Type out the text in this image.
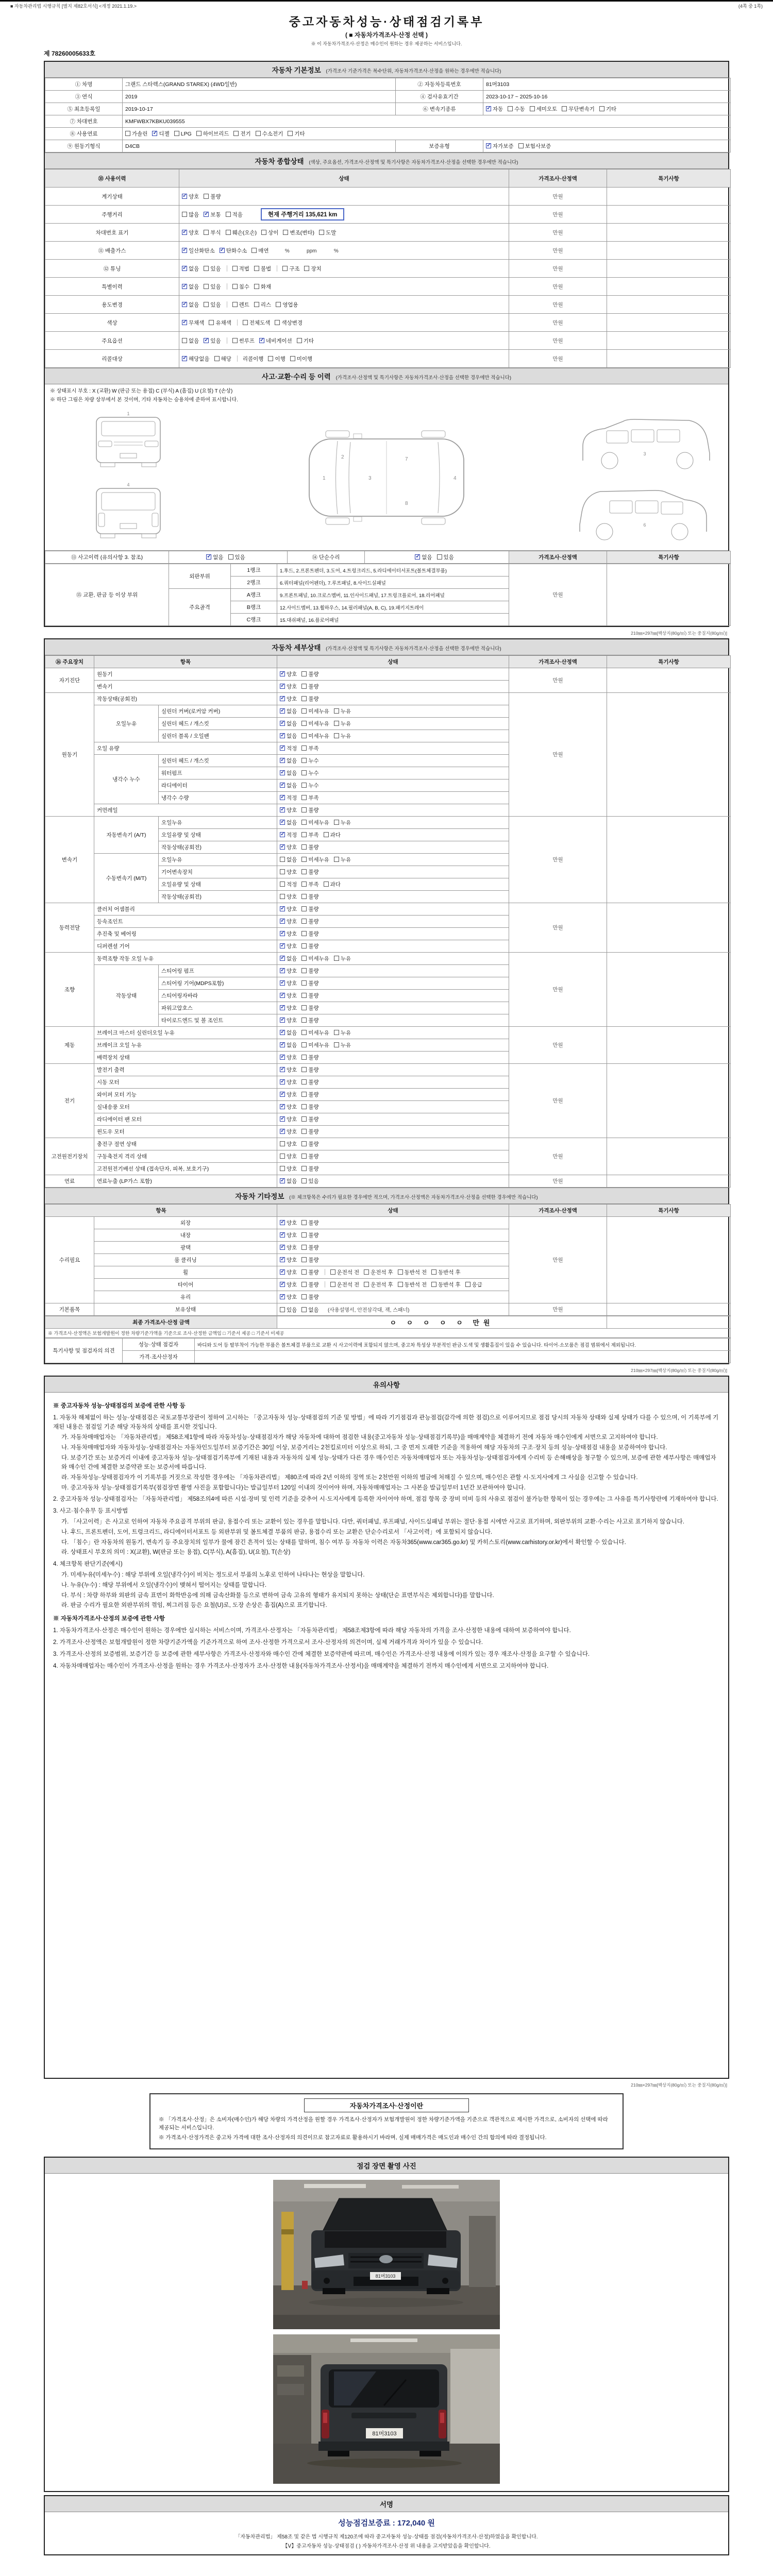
■ 자동차관리법 시행규칙 [별지 제82호서식] <개정 2021.1.19.>	(4쪽 중 1쪽)
중고자동차성능·상태점검기록부
( ■ 자동차가격조사·산정 선택 )
※ 이 자동차가격조사·산정은 매수인이 원하는 경우 제공하는 서비스입니다.
제 78260005633호
자동차 기본정보 (가격조사 기준가격은 복수단위, 자동차가격조사·산정을 원하는 경우에만 적습니다)
① 차명	그랜드 스타렉스(GRAND STAREX) (4WD일반)	② 자동차등록번호	81머3103
③ 연식	2019	④ 검사유효기간	2023-10-17 ~ 2025-10-16
⑤ 최초등록일	2019-10-17	⑥ 변속기종류	✓자동 수동 세미오토 무단변속기 기타
⑦ 차대번호	KMFWBX7KBKU039555		
⑧ 사용연료	가솔린 ✓ 디젤 LPG 하이브리드 전기 수소전기 기타
⑨ 원동기형식	D4CB	보증유형	✓자가보증 보험사보증
자동차 종합상태 (색상, 주요옵션, 가격조사·산정액 및 특기사항은 자동차가격조사·산정을 선택한 경우에만 적습니다)
⑩ 사용이력	상태	가격조사·산정액	특기사항
계기상태	✓양호 불량	만원	
주행거리	많음 ✓ 보통 적음 현재 주행거리 135,621 km	만원	
차대번호 표기	✓양호 부식 훼손(오손) 상이 변조(변타) 도말	만원	
⑪ 배출가스	✓일산화탄소 ✓ 탄화수소 매연        %            ppm            %	만원	
⑫ 튜닝	✓없음 있음 적법 불법 구조 장치	만원	
특별이력	✓없음 있음 침수 화재	만원	
용도변경	✓없음 있음 렌트 리스 영업용	만원	
색상	✓무채색 유채색 전체도색 색상변경	만원	
주요옵션	없음 ✓ 있음 썬루프 ✓ 네비게이션 기타	만원	
리콜대상	✓해당없음 해당 리콜이행 이행 미이행	만원	
사고·교환·수리 등 이력 (가격조사·산정액 및 특기사항은 자동차가격조사·산정을 선택한 경우에만 적습니다)
※ 상태표시 부호 : X (교환) W (판금 또는 용접) C (부식) A (흠집) U (요철) T (손상)
※ 하단 그림은 차량 상부에서 본 것이며, 기타 자동차는 승용차에 준하여 표시합니다.
1
4
1
2
3	4
7
8
3
6
⑬ 사고이력 (유의사항 3. 참조)	✓없음 있음	⑭ 단순수리	✓없음 있음	가격조사·산정액	특기사항
⑮ 교환, 판금 등 이상 부위	외판부위	1랭크	1.후드, 2.프론트펜더, 3.도어, 4.트렁크리드, 5.라디에이터서포트(볼트체결부품)	만원	
		2랭크	6.쿼터패널(리어펜더), 7.루프패널, 8.사이드실패널		
	주요골격	A랭크	9.프론트패널, 10.크로스멤버, 11.인사이드패널, 17.트렁크플로어, 18.리어패널		
		B랭크	12.사이드멤버, 13.휠하우스, 14.필러패널(A, B, C), 19.패키지트레이		
		C랭크	15.대쉬패널, 16.플로어패널		
210㎜×297㎜[백상지(80g/㎡) 또는 중질지(80g/㎡)]
자동차 세부상태 (가격조사·산정액 및 특기사항은 자동차가격조사·산정을 선택한 경우에만 적습니다)
⑯ 주요장치	항목		상태	가격조사·산정액	특기사항
자기진단	원동기	✓양호 불량	만원	
	변속기	✓양호 불량
원동기	작동상태(공회전)	✓양호 불량	만원	
	오일누유	실린더 커버(로커암 커버)	✓없음 미세누유 누유
		실린더 헤드 / 개스킷	✓없음 미세누유 누유
		실린더 블록 / 오일팬	✓없음 미세누유 누유
	오일 유량	✓적정 부족
	냉각수 누수	실린더 헤드 / 개스킷	✓없음 누수
		워터펌프	✓없음 누수
		라디에이터	✓없음 누수
		냉각수 수량	✓적정 부족
	커먼레일	✓양호 불량
변속기	자동변속기 (A/T)	오일누유	✓없음 미세누유 누유	만원	
		오일유량 및 상태	✓적정 부족 과다
		작동상태(공회전)	✓양호 불량
	수동변속기 (M/T)	오일누유	없음 미세누유 누유		
		기어변속장치	양호 불량		
		오일유량 및 상태	적정 부족 과다		
		작동상태(공회전)	양호 불량		
동력전달	클러치 어셈블리	✓양호 불량	만원	
	등속조인트	✓양호 불량
	추진축 및 베어링	✓양호 불량
	디퍼렌셜 기어	✓양호 불량
조향	동력조향 작동 오일 누유	✓없음 미세누유 누유	만원	
	작동상태	스티어링 펌프	✓양호 불량
		스티어링 기어(MDPS포함)	✓양호 불량
		스티어링자바라	✓양호 불량
		파워고압호스	✓양호 불량
		타이로드엔드 및 볼 조인트	✓양호 불량
제동	브레이크 마스터 실린더오일 누유	✓없음 미세누유 누유	만원	
	브레이크 오일 누유	✓없음 미세누유 누유
	배력장치 상태	✓양호 불량
전기	발전기 출력	✓양호 불량	만원	
	시동 모터	✓양호 불량
	와이퍼 모터 기능	✓양호 불량
	실내송풍 모터	✓양호 불량
	라디에이터 팬 모터	✓양호 불량
	윈도우 모터	✓양호 불량
고전원전기장치	충전구 절연 상태		양호 불량	만원	
	구동축전지 격리 상태		양호 불량		
	고전원전기배선 상태 (접속단자, 피복, 보호기구)		양호 불량		
연료	연료누출 (LP가스 포함)	✓없음 있음	만원	
자동차 기타정보 (※ 체크항목은 수리가 필요한 경우에만 적으며, 가격조사·산정액은 자동차가격조사·산정을 선택한 경우에만 적습니다)
항목		상태	가격조사·산정액	특기사항
수리필요	외장	✓양호 불량	만원	
	내장	✓양호 불량
	광택	✓양호 불량
	룸 클리닝	✓양호 불량
	휠	✓양호 불량 운전석 전 운전석 후 동반석 전 동반석 후
	타이어	✓양호 불량 운전석 전 운전석 후 동반석 전 동반석 후 응급
	유리	✓양호 불량
기본품목	보유상태	있음 없음   (사용설명서, 안전삼각대, 잭, 스패너)	만원	
최종 가격조사·산정 금액	ㅇ ㅇ ㅇ ㅇ ㅇ 만원	
※ 가격조사·산정액은 보험개발원이 정한 차량기준가액을 기준으로 조사·산정한 금액임 □ 기준서 제공 □ 기준서 미제공
특기사항 및 점검자의 의견	성능·상태 점검자	바디와 도어 등 탈부착이 가능한 부품은 볼트체결 부품으로 교환 시 사고이력에 포함되지 않으며, 중고차 특성상 부분적인 판금·도색 및 생활흠집이 있을 수 있습니다. 타이어·소모품은 점검 범위에서 제외됩니다.
	가격·조사산정자	
210㎜×297㎜[백상지(80g/㎡) 또는 중질지(80g/㎡)]
유의사항
※ 중고자동차 성능·상태점검의 보증에 관한 사항 등
1. 자동차 해체없이 하는 성능·상태점검은 국토교통부장관이 정하여 고시하는 「중고자동차 성능·상태점검의 기준 및 방법」에 따라 기기점검과 관능점검(감각에 의한 점검)으로 이루어지므로 점검 당시의 자동차 상태와 실제 상태가 다를 수 있으며, 이 기록부에 기재된 내용은 점검일 기준 해당 자동차의 상태를 표시한 것입니다.
가. 자동차매매업자는 「자동차관리법」 제58조제1항에 따라 자동차성능·상태점검자가 해당 자동차에 대하여 점검한 내용(중고자동차 성능·상태점검기록부)을 매매계약을 체결하기 전에 자동차 매수인에게 서면으로 고지하여야 합니다.
나. 자동차매매업자와 자동차성능·상태점검자는 자동차인도일부터 보증기간은 30일 이상, 보증거리는 2천킬로미터 이상으로 하되, 그 중 먼저 도래한 기준을 적용하여 해당 자동차의 구조·장치 등의 성능·상태점검 내용을 보증하여야 합니다.
다. 보증기간 또는 보증거리 이내에 중고자동차 성능·상태점검기록부에 기재된 내용과 자동차의 실제 성능·상태가 다른 경우 매수인은 자동차매매업자 또는 자동차성능·상태점검자에게 수리비 등 손해배상을 청구할 수 있으며, 보증에 관한 세부사항은 매매업자와 매수인 간에 체결한 보증약관 또는 보증서에 따릅니다.
라. 자동차성능·상태점검자가 이 기록부를 거짓으로 작성한 경우에는 「자동차관리법」 제80조에 따라 2년 이하의 징역 또는 2천만원 이하의 벌금에 처해질 수 있으며, 매수인은 관할 시·도지사에게 그 사실을 신고할 수 있습니다.
마. 중고자동차 성능·상태점검기록부(점검장면 촬영 사진을 포함합니다)는 발급일부터 120일 이내의 것이어야 하며, 자동차매매업자는 그 사본을 발급일부터 1년간 보관하여야 합니다.
2. 중고자동차 성능·상태점검자는 「자동차관리법」 제58조의4에 따른 시설·장비 및 인력 기준을 갖추어 시·도지사에게 등록한 자이어야 하며, 점검 항목 중 장비 미비 등의 사유로 점검이 불가능한 항목이 있는 경우에는 그 사유를 특기사항란에 기재하여야 합니다.
3. 사고·침수유무 등 표시방법
가. 「사고이력」은 사고로 인하여 자동차 주요골격 부위의 판금, 용접수리 또는 교환이 있는 경우를 말합니다. 다만, 쿼터패널, 루프패널, 사이드실패널 부위는 절단·용접 시에만 사고로 표기하며, 외판부위의 교환·수리는 사고로 표기하지 않습니다.
나. 후드, 프론트펜더, 도어, 트렁크리드, 라디에이터서포트 등 외판부위 및 볼트체결 부품의 판금, 용접수리 또는 교환은 단순수리로서 「사고이력」에 포함되지 않습니다.
다. 「침수」란 자동차의 원동기, 변속기 등 주요장치의 일부가 물에 잠긴 흔적이 있는 상태를 말하며, 침수 여부 등 자동차 이력은 자동차365(www.car365.go.kr) 및 카히스토리(www.carhistory.or.kr)에서 확인할 수 있습니다.
라. 상태표시 부호의 의미 : X(교환), W(판금 또는 용접), C(부식), A(흠집), U(요철), T(손상)
4. 체크항목 판단기준(예시)
가. 미세누유(미세누수) : 해당 부위에 오일(냉각수)이 비치는 정도로서 부품의 노후로 인하여 나타나는 현상을 말합니다.
나. 누유(누수) : 해당 부위에서 오일(냉각수)이 맺혀서 떨어지는 상태를 말합니다.
다. 부식 : 차량 하부와 외판의 금속 표면이 화학반응에 의해 금속산화물 등으로 변하여 금속 고유의 형태가 유지되지 못하는 상태(단순 표면부식은 제외합니다)를 말합니다.
라. 판금 수리가 필요한 외판부위의 꺾임, 찌그러짐 등은 요철(U)로, 도장 손상은 흠집(A)으로 표기합니다.
※ 자동차가격조사·산정의 보증에 관한 사항
1. 자동차가격조사·산정은 매수인이 원하는 경우에만 실시하는 서비스이며, 가격조사·산정자는 「자동차관리법」 제58조제3항에 따라 해당 자동차의 가격을 조사·산정한 내용에 대하여 보증하여야 합니다.
2. 가격조사·산정액은 보험개발원이 정한 차량기준가액을 기준가격으로 하여 조사·산정한 가격으로서 조사·산정자의 의견이며, 실제 거래가격과 차이가 있을 수 있습니다.
3. 가격조사·산정의 보증범위, 보증기간 등 보증에 관한 세부사항은 가격조사·산정자와 매수인 간에 체결한 보증약관에 따르며, 매수인은 가격조사·산정 내용에 이의가 있는 경우 재조사·산정을 요구할 수 있습니다.
4. 자동차매매업자는 매수인이 가격조사·산정을 원하는 경우 가격조사·산정자가 조사·산정한 내용(자동차가격조사·산정서)을 매매계약을 체결하기 전까지 매수인에게 서면으로 고지하여야 합니다.
210㎜×297㎜[백상지(80g/㎡) 또는 중질지(80g/㎡)]
자동차가격조사·산정이란
※ 「가격조사·산정」은 소비자(매수인)가 해당 차량의 가격산정을 원할 경우 가격조사·산정자가 보험개발원이 정한 차량기준가액을 기준으로 객관적으로 제시한 가격으로, 소비자의 선택에 따라 제공되는 서비스입니다.
※ 가격조사·산정가격은 중고차 가격에 대한 조사·산정자의 의견이므로 참고자료로 활용하시기 바라며, 실제 매매가격은 매도인과 매수인 간의 합의에 따라 결정됩니다.
점검 장면 촬영 사진
81머3103
81머3103
서명
성능점검보증료 : 172,040 원
「자동차관리법」 제58조 및 같은 법 시행규칙 제120조에 따라 중고자동차 성능·상태를 점검(자동차가격조사·산정)하였음을 확인합니다.
【Ⅴ】중고자동차 성능·상태점검 ( ) 자동차가격조사·산정 위 내용을 고지받았음을 확인합니다.
